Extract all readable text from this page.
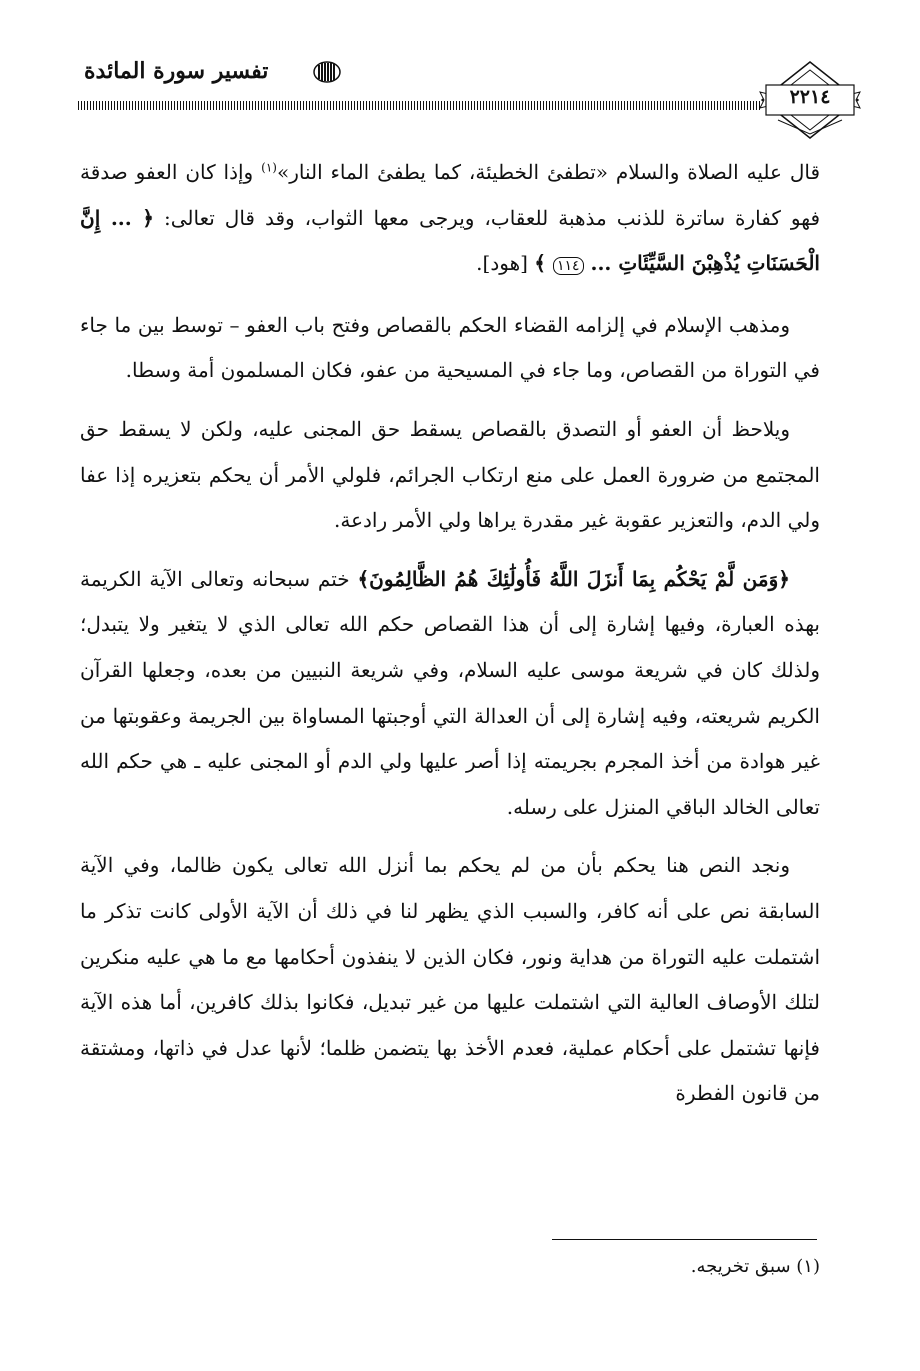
تفسير سورة المائدة
٢٢١٤

قال عليه الصلاة والسلام «تطفئ الخطيئة، كما يطفئ الماء النار»$^{(١)}$ وإذا كان العفو صدقة فهو كفارة ساترة للذنب مذهبة للعقاب، ويرجى معها الثواب، وقد قال تعالى: ﴿ ... إِنَّ الْحَسَنَاتِ يُذْهِبْنَ السَّيِّئَاتِ ... ١١٤ ﴾ [هود].

ومذهب الإسلام في إلزامه القضاء الحكم بالقصاص وفتح باب العفو – توسط بين ما جاء في التوراة من القصاص، وما جاء في المسيحية من عفو، فكان المسلمون أمة وسطا.

ويلاحظ أن العفو أو التصدق بالقصاص يسقط حق المجنى عليه، ولكن لا يسقط حق المجتمع من ضرورة العمل على منع ارتكاب الجرائم، فلولي الأمر أن يحكم بتعزيره إذا عفا ولي الدم، والتعزير عقوبة غير مقدرة يراها ولي الأمر رادعة.

﴿وَمَن لَّمْ يَحْكُم بِمَا أَنزَلَ اللَّهُ فَأُولَٰئِكَ هُمُ الظَّالِمُونَ﴾ ختم سبحانه وتعالى الآية الكريمة بهذه العبارة، وفيها إشارة إلى أن هذا القصاص حكم الله تعالى الذي لا يتغير ولا يتبدل؛ ولذلك كان في شريعة موسى عليه السلام، وفي شريعة النبيين من بعده، وجعلها القرآن الكريم شريعته، وفيه إشارة إلى أن العدالة التي أوجبتها المساواة بين الجريمة وعقوبتها من غير هوادة من أخذ المجرم بجريمته إذا أصر عليها ولي الدم أو المجنى عليه ـ هي حكم الله تعالى الخالد الباقي المنزل على رسله.

ونجد النص هنا يحكم بأن من لم يحكم بما أنزل الله تعالى يكون ظالما، وفي الآية السابقة نص على أنه كافر، والسبب الذي يظهر لنا في ذلك أن الآية الأولى كانت تذكر ما اشتملت عليه التوراة من هداية ونور، فكان الذين لا ينفذون أحكامها مع ما هي عليه منكرين لتلك الأوصاف العالية التي اشتملت عليها من غير تبديل، فكانوا بذلك كافرين، أما هذه الآية فإنها تشتمل على أحكام عملية، فعدم الأخذ بها يتضمن ظلما؛ لأنها عدل في ذاتها، ومشتقة من قانون الفطرة

(١) سبق تخريجه.
